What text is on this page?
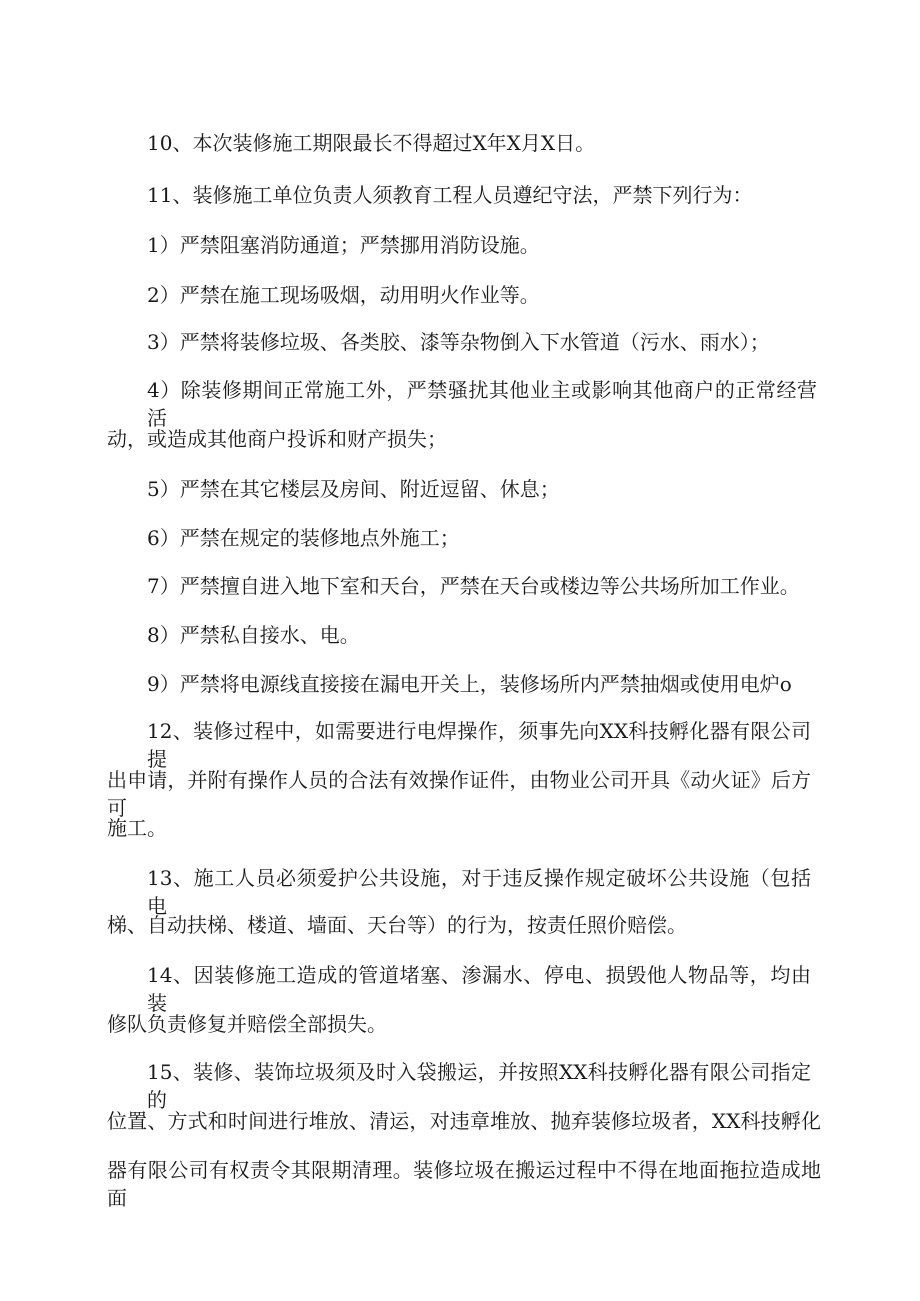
10、本次装修施工期限最长不得超过X年X月X日。

11、装修施工单位负责人须教育工程人员遵纪守法，严禁下列行为：

1）严禁阻塞消防通道；严禁挪用消防设施。

2）严禁在施工现场吸烟，动用明火作业等。

3）严禁将装修垃圾、各类胶、漆等杂物倒入下水管道（污水、雨水）；

4）除装修期间正常施工外，严禁骚扰其他业主或影响其他商户的正常经营活

动，或造成其他商户投诉和财产损失；

5）严禁在其它楼层及房间、附近逗留、休息；

6）严禁在规定的装修地点外施工；

7）严禁擅自进入地下室和天台，严禁在天台或楼边等公共场所加工作业。

8）严禁私自接水、电。

9）严禁将电源线直接接在漏电开关上，装修场所内严禁抽烟或使用电炉o

12、装修过程中，如需要进行电焊操作，须事先向XX科技孵化器有限公司提

出申请，并附有操作人员的合法有效操作证件，由物业公司开具《动火证》后方可

施工。

13、施工人员必须爱护公共设施，对于违反操作规定破坏公共设施（包括电

梯、自动扶梯、楼道、墙面、天台等）的行为，按责任照价赔偿。

14、因装修施工造成的管道堵塞、渗漏水、停电、损毁他人物品等，均由装

修队负责修复并赔偿全部损失。

15、装修、装饰垃圾须及时入袋搬运，并按照XX科技孵化器有限公司指定的

位置、方式和时间进行堆放、清运，对违章堆放、抛弃装修垃圾者，XX科技孵化

器有限公司有权责令其限期清理。装修垃圾在搬运过程中不得在地面拖拉造成地面
